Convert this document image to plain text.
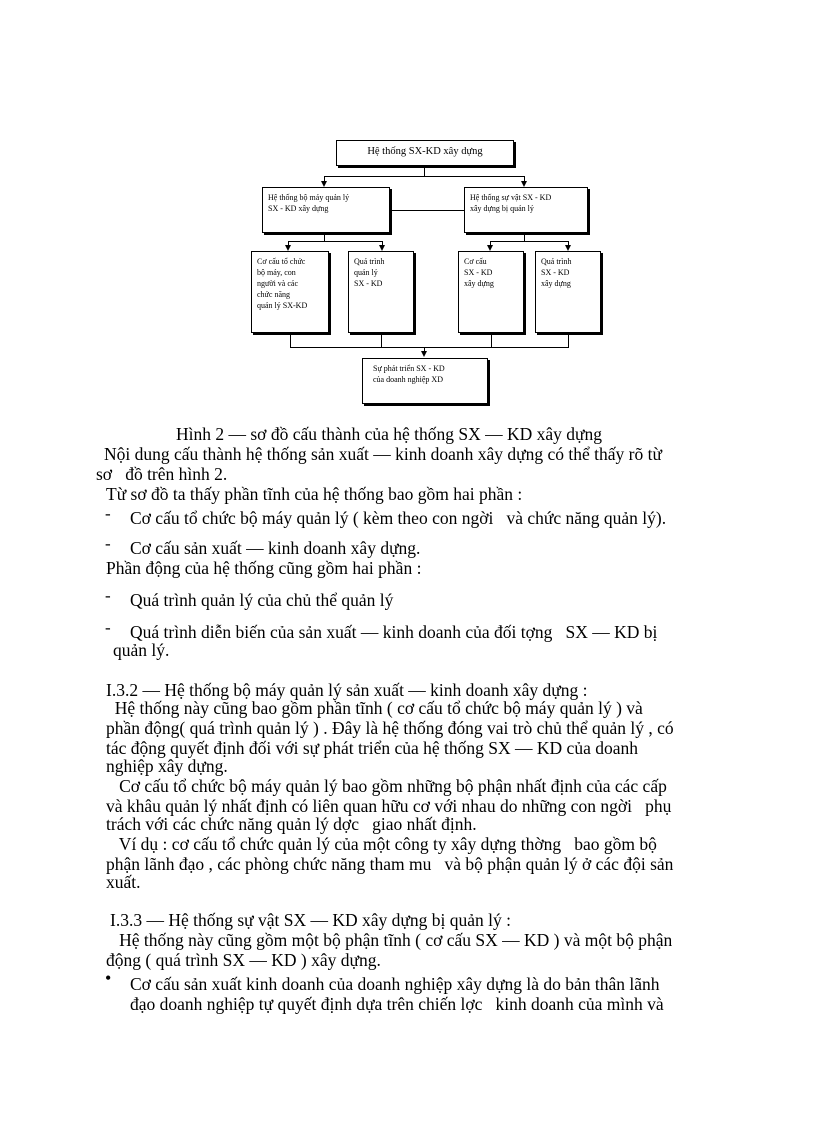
Hệ thống SX-KD xây dựng
Hệ thống bộ máy quản lý
SX - KD xây dựng
Hệ thống sự vật SX - KD
xây dựng bị quản lý
Cơ cấu tổ chức
bộ máy, con
người và các
chức năng
quản lý SX-KD
Quá trình
quản lý
SX - KD
Cơ cấu
SX - KD
xây dựng
Quá trình
SX - KD
xây dựng
Sự phát triển SX - KD
của doanh nghiệp XD
Hình 2 — sơ đồ cấu thành của hệ thống SX — KD xây dựng
Nội dung cấu thành hệ thống sản xuất — kinh doanh xây dựng có thể thấy rõ từ
sơ   đồ trên hình 2.
Từ sơ đồ ta thấy phần tĩnh của hệ thống bao gồm hai phần :
Cơ cấu tổ chức bộ máy quản lý ( kèm theo con ngời   và chức năng quản lý).
Cơ cấu sản xuất — kinh doanh xây dựng.
Phần động của hệ thống cũng gồm hai phần :
Quá trình quản lý của chủ thể quản lý
Quá trình diễn biến của sản xuất — kinh doanh của đối tợng   SX — KD bị
quản lý.
I.3.2 — Hệ thống bộ máy quản lý sản xuất — kinh doanh xây dựng :
Hệ thống này cũng bao gồm phần tĩnh ( cơ cấu tổ chức bộ máy quản lý ) và
phần động( quá trình quản lý ) . Đây là hệ thống đóng vai trò chủ thể quản lý , có
tác động quyết định đối với sự phát triển của hệ thống SX — KD của doanh
nghiệp xây dựng.
Cơ cấu tổ chức bộ máy quản lý bao gồm những bộ phận nhất định của các cấp
và khâu quản lý nhất định có liên quan hữu cơ với nhau do những con ngời   phụ
trách với các chức năng quản lý dợc   giao nhất định.
Ví dụ : cơ cấu tổ chức quản lý của một công ty xây dựng thờng   bao gồm bộ
phận lãnh đạo , các phòng chức năng tham mu   và bộ phận quản lý ở các đội sản
xuất.
I.3.3 — Hệ thống sự vật SX — KD xây dựng bị quản lý :
Hệ thống này cũng gồm một bộ phận tĩnh ( cơ cấu SX — KD ) và một bộ phận
động ( quá trình SX — KD ) xây dựng.
Cơ cấu sản xuất kinh doanh của doanh nghiệp xây dựng là do bản thân lãnh
đạo doanh nghiệp tự quyết định dựa trên chiến lợc   kinh doanh của mình và
-
-
-
-
•
